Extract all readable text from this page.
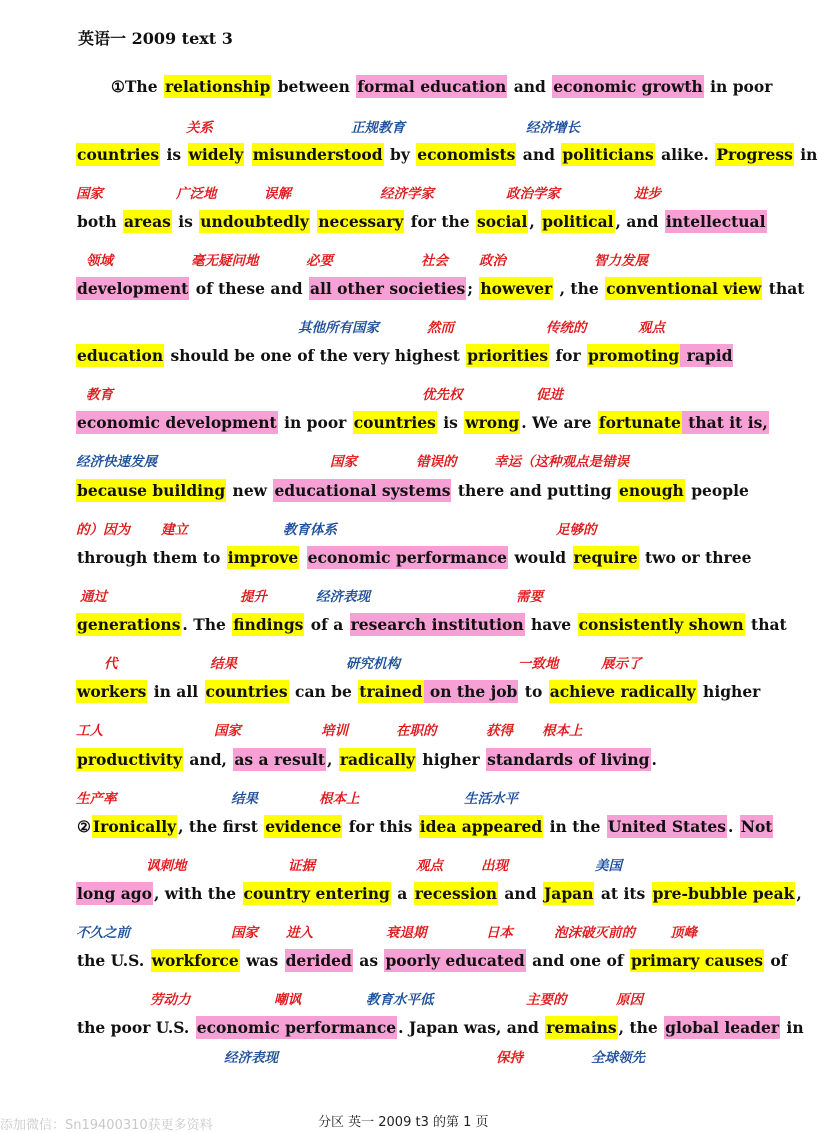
英语一 2009 text 3
①The relationship between formal education and economic growth in poor
countries is widely misunderstood by economists and politicians alike. Progress in
both areas is undoubtedly necessary for the social , political , and intellectual
development of these and all other societies ; however , the conventional view that
education should be one of the very highest priorities for promoting rapid
economic development in poor countries is wrong . We are fortunate that it is,
because building new educational systems there and putting enough people
through them to improve economic performance would require two or three
generations . The findings of a research institution have consistently shown that
workers in all countries can be trained on the job to achieve radically higher
productivity and, as a result , radically higher standards of living .
② Ironically , the first evidence for this idea appeared in the United States . Not
long ago , with the country entering a recession and Japan at its pre-bubble peak ,
the U.S. workforce was derided as poorly educated and one of primary causes of
the poor U.S. economic performance . Japan was, and remains , the global leader in
关系	正规教育	经济增长
国家	广泛地	误解	经济学家	政治学家	进步
领域	毫无疑问地	必要	社会 政治	智力发展
其他所有国家	然而	传统的	观点
教育	优先权	促进
经济快速发展	国家	错误的	幸运（这种观点是错误
的）因为 建立	教育体系	足够的
通过	提升	经济表现	需要
代	结果	研究机构	一致地	展示了
工人	国家	培训	在职的	获得 根本上
生产率	结果	根本上	生活水平
讽刺地	证据	观点	出现	美国
不久之前	国家 进入	衰退期	日本	泡沫破灭前的	顶峰
劳动力	嘲讽	教育水平低	主要的	原因
经济表现	保持	全球领先
添加微信：Sn19400310获更多资料	分区 英一 2009 t3 的第 1 页
